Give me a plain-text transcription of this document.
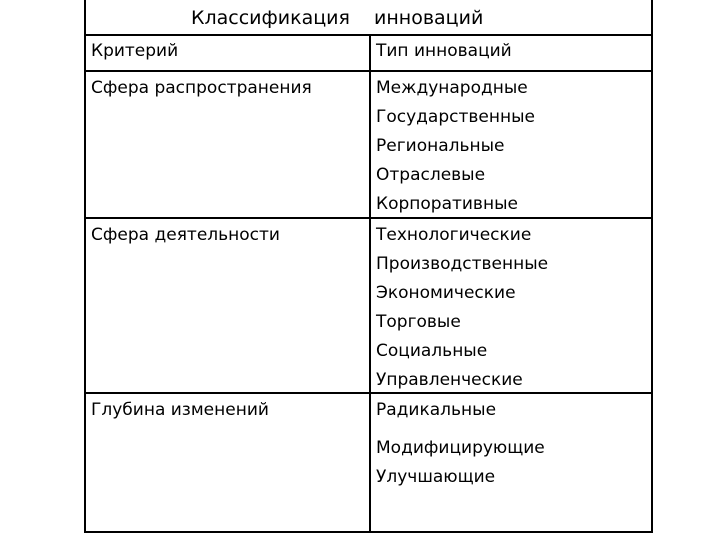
Классификация инноваций
Критерий	Тип инноваций
Сфера распространения	Международные
Государственные
Региональные
Отраслевые
Корпоративные
Сфера деятельности	Технологические
Производственные
Экономические
Торговые
Социальные
Управленческие
Глубина изменений	Радикальные
Модифицирующие
Улучшающие
